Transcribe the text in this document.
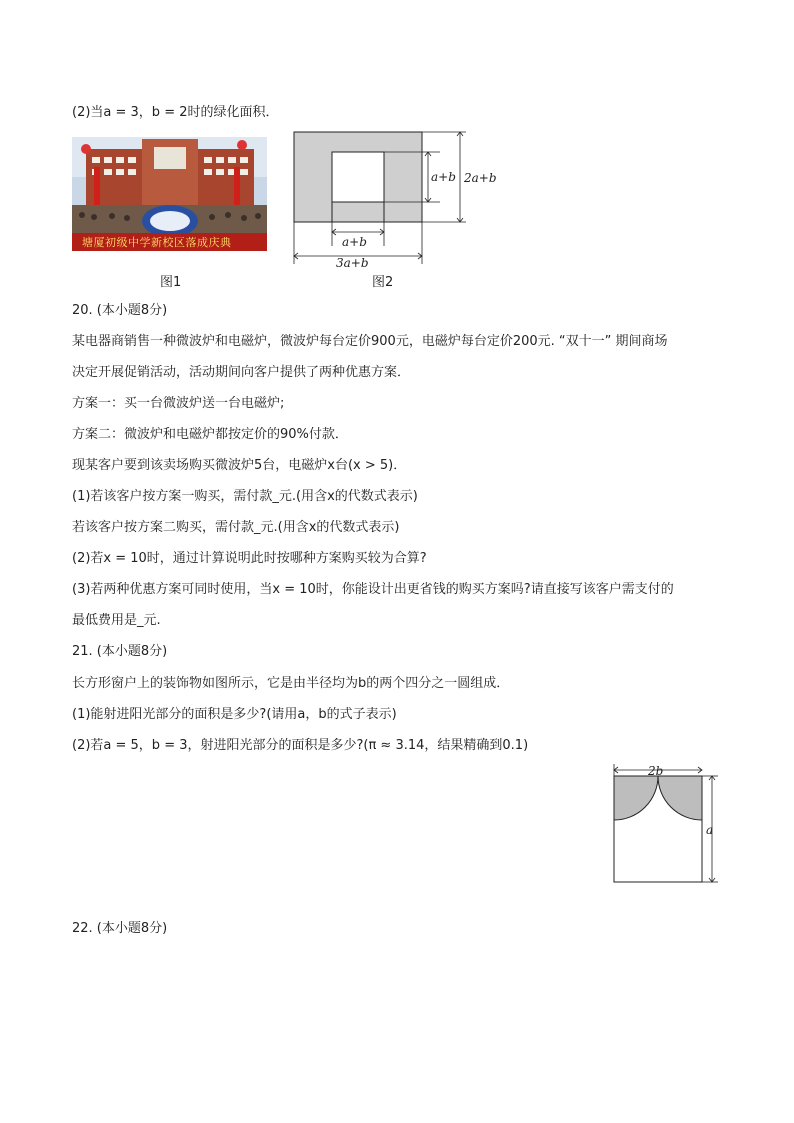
(2)当a = 3，b = 2时的绿化面积．
塘厦初级中学新校区落成庆典
图1
a+b 2a+b
a+b
3a+b
图2
20. (本小题8分)
某电器商销售一种微波炉和电磁炉，微波炉每台定价900元，电磁炉每台定价200元. “双十一” 期间商场
决定开展促销活动，活动期间向客户提供了两种优惠方案．
方案一：买一台微波炉送一台电磁炉;
方案二：微波炉和电磁炉都按定价的90%付款．
现某客户要到该卖场购买微波炉5台，电磁炉x台(x > 5)．
(1)若该客户按方案一购买，需付款_元.(用含x的代数式表示)
若该客户按方案二购买，需付款_元.(用含x的代数式表示)
(2)若x = 10时，通过计算说明此时按哪种方案购买较为合算?
(3)若两种优惠方案可同时使用，当x = 10时，你能设计出更省钱的购买方案吗?请直接写该客户需支付的
最低费用是_元.
21. (本小题8分)
长方形窗户上的装饰物如图所示，它是由半径均为b的两个四分之一圆组成．
(1)能射进阳光部分的面积是多少?(请用a，b的式子表示)
(2)若a = 5，b = 3，射进阳光部分的面积是多少?(π ≈ 3.14，结果精确到0.1)
2b
a
22. (本小题8分)
